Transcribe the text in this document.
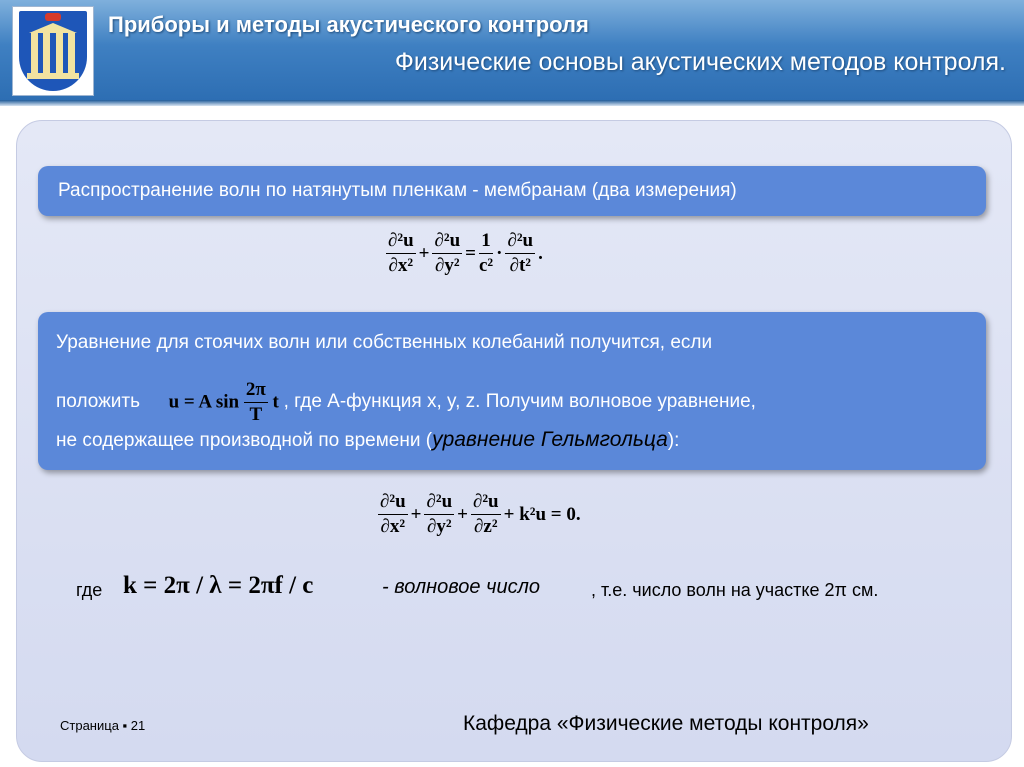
Приборы и методы акустического контроля
Физические основы акустических методов контроля.
Распространение волн по натянутым пленкам - мембранам (два измерения)
$\frac{\text{∂²u}}{\text{∂x²}} + \frac{\text{∂²u}}{\text{∂y²}} = \frac{1}{\text{c²}} \cdot \frac{\text{∂²u}}{\text{∂t²}}$ .
Уравнение для стоячих волн или собственных колебаний получится, если
положить u = A $\sin \frac{2\pi}{T}$ t , где А-функция x, y, z. Получим волновое уравнение,
не содержащее производной по времени (уравнение Гельмгольца):
$\frac{\text{∂²u}}{\text{∂x²}} + \frac{\text{∂²u}}{\text{∂y²}} + \frac{\text{∂²u}}{\text{∂z²}} + k^2u = 0$.
где k = 2π / λ = 2πf / c	- волновое число	, т.е. число волн на участке 2π см.
Страница ▪ 21	Кафедра «Физические методы контроля»
